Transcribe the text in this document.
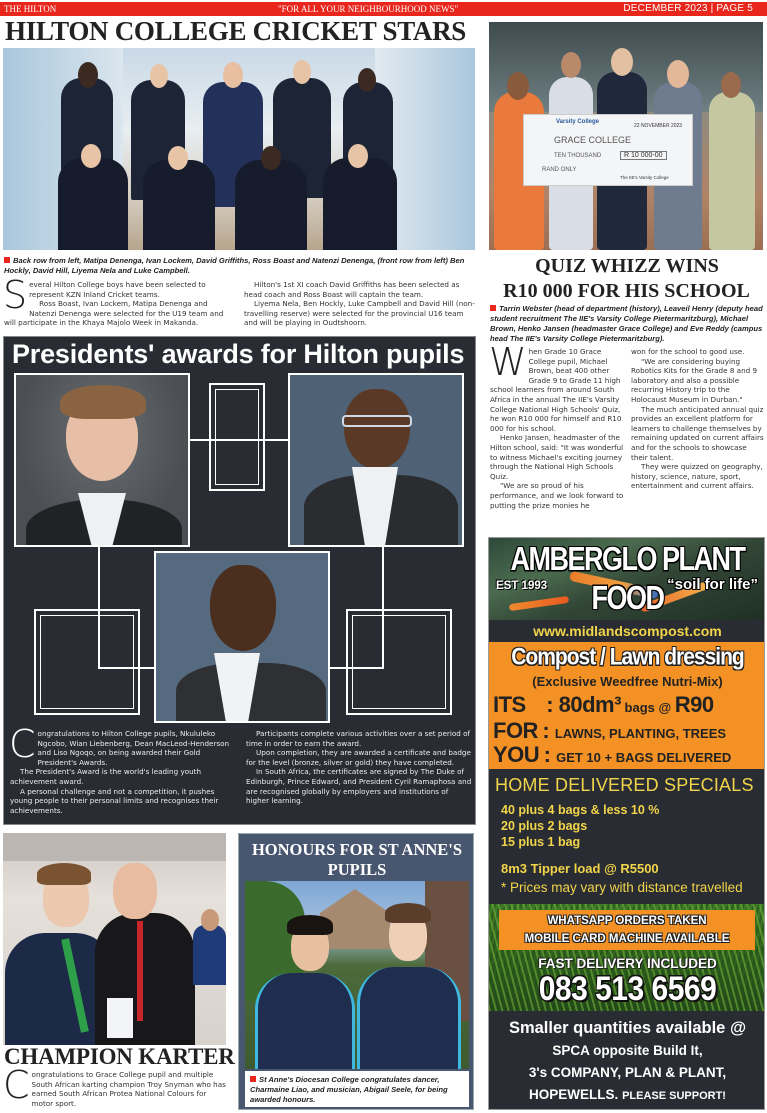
THE HILTON	"FOR ALL YOUR NEIGHBOURHOOD NEWS"	DECEMBER 2023 | PAGE 5
HILTON COLLEGE CRICKET STARS
Back row from left, Matipa Denenga, Ivan Lockem, David Griffiths, Ross Boast and Natenzi Denenga, (front row from left) Ben Hockly, David Hill, Liyema Nela and Luke Campbell.
S everal Hilton College boys have been selected to represent KZN Inland Cricket teams.

Ross Boast, Ivan Lockem, Matipa Denenga and Natenzi Denenga were selected for the U19 team and will participate in the Khaya Majolo Week in Makanda.

Hilton's 1st XI coach David Griffiths has been selected as head coach and Ross Boast will captain the team.

Liyema Nela, Ben Hockly, Luke Campbell and David Hill (non-travelling reserve) were selected for the provincial U16 team and will be playing in Oudtshoorn.

Varsity College
22 NOVEMBER 2023
GRACE COLLEGE
TEN THOUSAND	R 10 000-00
RAND ONLY
The IIE's Varsity College
QUIZ WHIZZ WINS
R10 000 FOR HIS SCHOOL
Tarrin Webster (head of department (history), Leaveil Henry (deputy head student recruitment The IIE's Varsity College Pietermaritzburg), Michael Brown, Henko Jansen (headmaster Grace College) and Eve Reddy (campus head The IIE's Varsity College Pietermaritzburg).
W hen Grade 10 Grace College pupil, Michael Brown, beat 400 other Grade 9 to Grade 11 high school learners from around South Africa in the annual The IIE's Varsity College National High Schools' Quiz, he won R10 000 for himself and R10 000 for his school.

Henko Jansen, headmaster of the Hilton school, said: "It was wonderful to witness Michael's exciting journey through the National High Schools Quiz.

"We are so proud of his performance, and we look forward to putting the prize monies he

won for the school to good use.

"We are considering buying Robotics Kits for the Grade 8 and 9 laboratory and also a possible recurring History trip to the Holocaust Museum in Durban."

The much anticipated annual quiz provides an excellent platform for learners to challenge themselves by remaining updated on current affairs and for the schools to showcase their talent.

They were quizzed on geography, history, science, nature, sport, entertainment and current affairs.

Presidents' awards for Hilton pupils
C ongratulations to Hilton College pupils, Nkululeko Ngcobo, Wian Liebenberg, Dean MacLeod-Henderson and Liso Ngoqo, on being awarded their Gold President's Awards.

The President's Award is the world's leading youth achievement award.

A personal challenge and not a competition, it pushes young people to their personal limits and recognises their achievements.

Participants complete various activities over a set period of time in order to earn the award.

Upon completion, they are awarded a certificate and badge for the level (bronze, silver or gold) they have completed.

In South Africa, the certificates are signed by The Duke of Edinburgh, Prince Edward, and President Cyril Ramaphosa and are recognised globally by employers and institutions of higher learning.

CHAMPION KARTER
C ongratulations to Grace College pupil and multiple South African karting champion Troy Snyman who has earned South African Protea National Colours for motor sport.

HONOURS FOR ST ANNE'S PUPILS
St Anne's Diocesan College congratulates dancer, Charmaine Liao, and musician, Abigail Seele, for being awarded honours.
AMBERGLO PLANT FOOD
EST 1993	“soil for life”
www.midlandscompost.com
Compost / Lawn dressing
(Exclusive Weedfree Nutri-Mix)
ITS : 80dm³ bags @ R90
FOR : LAWNS, PLANTING, TREES
YOU : GET 10 + BAGS DELIVERED
HOME DELIVERED SPECIALS
40 plus 4 bags & less 10 %
20 plus 2 bags
15 plus 1 bag
8m3 Tipper load @ R5500
* Prices may vary with distance travelled
WHATSAPP ORDERS TAKEN
MOBILE CARD MACHINE AVAILABLE
FAST DELIVERY INCLUDED
083 513 6569
Smaller quantities available @
SPCA opposite Build It,
3's COMPANY, PLAN & PLANT,
HOPEWELLS. PLEASE SUPPORT!
